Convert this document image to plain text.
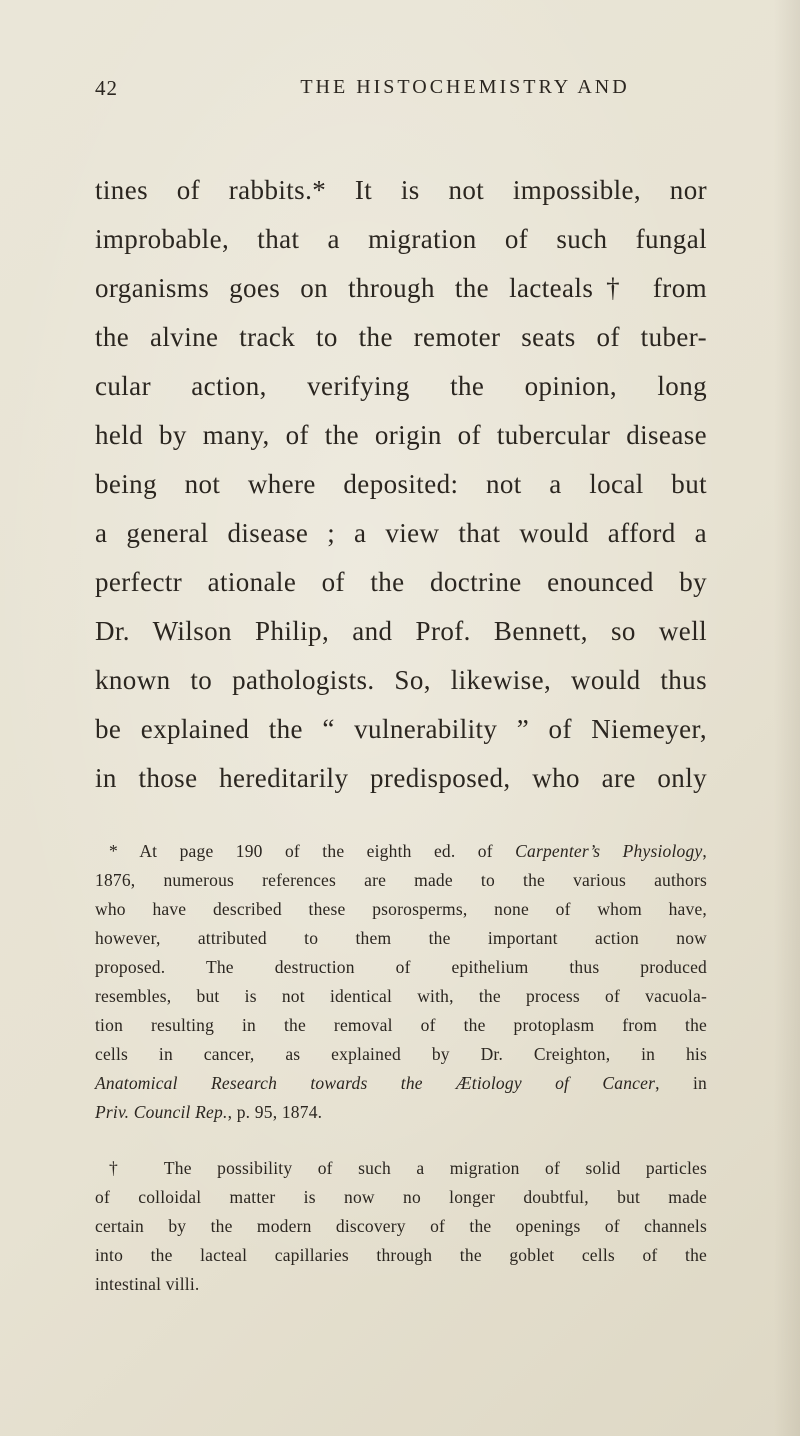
42	THE HISTOCHEMISTRY AND
tines of rabbits.* It is not impossible, nor
improbable, that a migration of such fungal
organisms goes on through the lacteals† from
the alvine track to the remoter seats of tuber-
cular action, verifying the opinion, long
held by many, of the origin of tubercular disease
being not where deposited: not a local but
a general disease ; a view that would afford a
perfectr ationale of the doctrine enounced by
Dr. Wilson Philip, and Prof. Bennett, so well
known to pathologists. So, likewise, would thus
be explained the “ vulnerability ” of Niemeyer,
in those hereditarily predisposed, who are only
* At page 190 of the eighth ed. of Carpenter’s Physiology,
1876, numerous references are made to the various authors
who have described these psorosperms, none of whom have,
however, attributed to them the important action now
proposed. The destruction of epithelium thus produced
resembles, but is not identical with, the process of vacuola-
tion resulting in the removal of the protoplasm from the
cells in cancer, as explained by Dr. Creighton, in his
Anatomical Research towards the Ætiology of Cancer, in
Priv. Council Rep., p. 95, 1874.
† The possibility of such a migration of solid particles
of colloidal matter is now no longer doubtful, but made
certain by the modern discovery of the openings of channels
into the lacteal capillaries through the goblet cells of the
intestinal villi.
